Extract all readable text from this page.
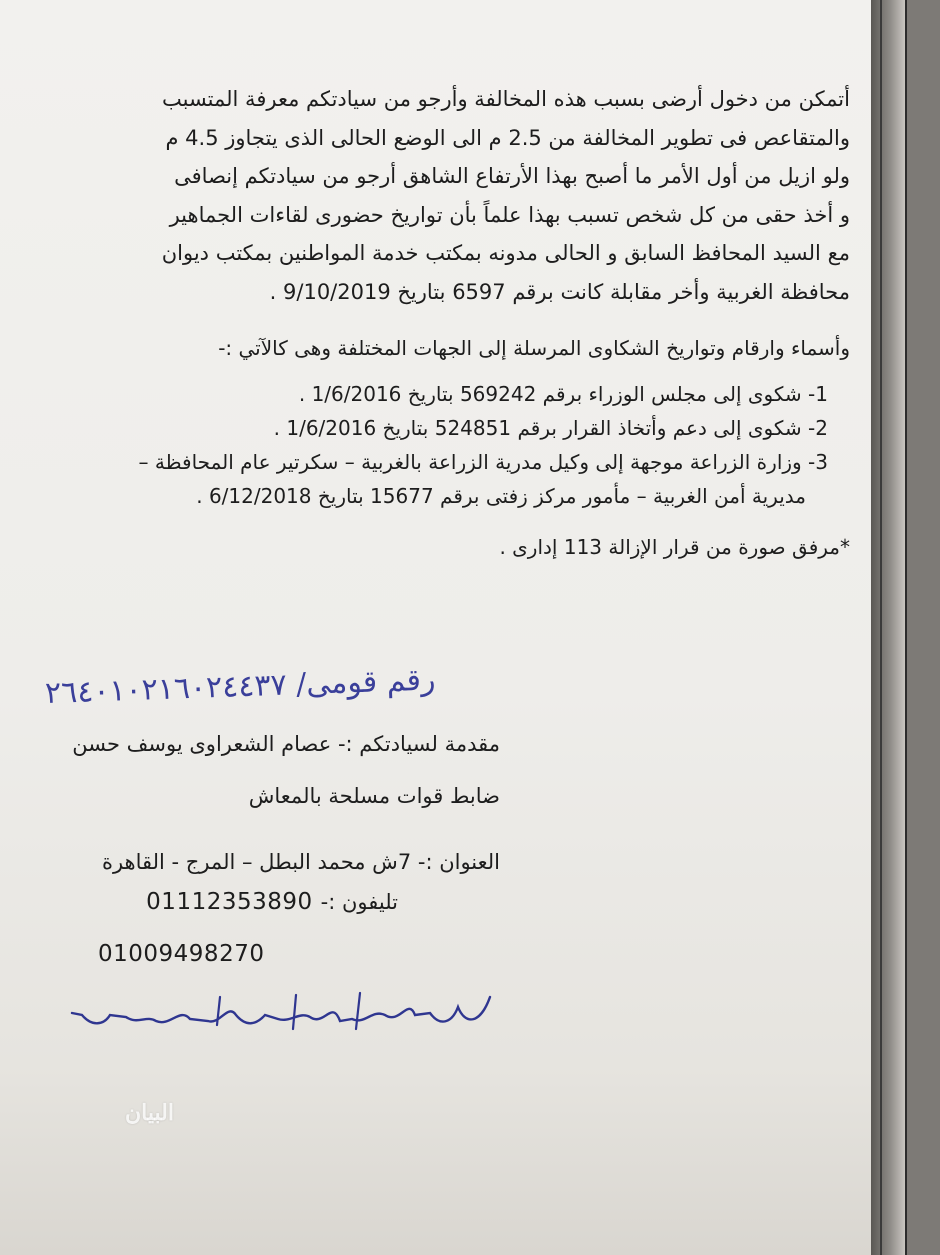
أتمكن من دخول أرضى بسبب هذه المخالفة وأرجو من سيادتكم معرفة المتسبب

والمتقاعص فى تطوير المخالفة من 2.5 م الى الوضع الحالى الذى يتجاوز 4.5 م

ولو ازيل من أول الأمر ما أصبح بهذا الأرتفاع الشاهق أرجو من سيادتكم إنصافى

و أخذ حقى من كل شخص تسبب بهذا علماً بأن تواريخ حضورى لقاءات الجماهير

مع السيد المحافظ السابق و الحالى مدونه بمكتب خدمة المواطنين بمكتب ديوان

محافظة الغربية وأخر مقابلة كانت برقم 6597 بتاريخ 9/10/2019 .

وأسماء وارقام وتواريخ الشكاوى المرسلة إلى الجهات المختلفة وهى كالآتي :-
1- شكوى إلى مجلس الوزراء برقم 569242 بتاريخ 1/6/2016 .
2- شكوى إلى دعم وأتخاذ القرار برقم 524851 بتاريخ 1/6/2016 .
3- وزارة الزراعة موجهة إلى وكيل مدرية الزراعة بالغربية – سكرتير عام المحافظة –
مديرية أمن الغربية – مأمور مركز زفتى برقم 15677 بتاريخ 6/12/2018 .
*مرفق صورة من قرار الإزالة 113 إدارى .
رقم قومى/ ٢٦٤٠١٠٢١٦٠٢٤٤٣٧
مقدمة لسيادتكم :- عصام الشعراوى يوسف حسن
ضابط قوات مسلحة بالمعاش
العنوان :- 7ش محمد البطل – المرج - القاهرة
تليفون :-
01112353890
01009498270
البيان
